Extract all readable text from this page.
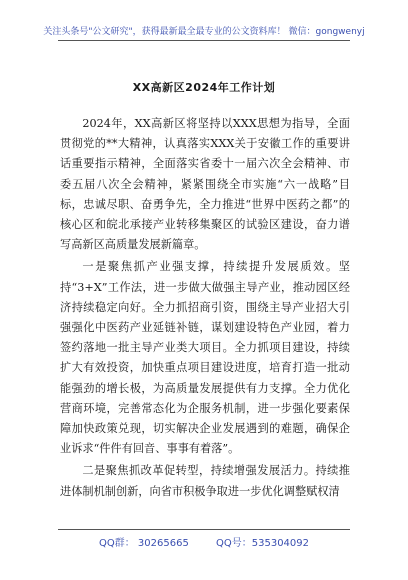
关注头条号"公文研究"，获得最新最全最专业的公文资料库！ 微信：gongwenyj
XX高新区2024年工作计划

2024年，XX高新区将坚持以XXX思想为指导，全面贯彻党的**大精神，认真落实XXX关于安徽工作的重要讲话重要指示精神，全面落实省委十一届六次全会精神、市委五届八次全会精神，紧紧围绕全市实施“六一战略”目标，忠诚尽职、奋勇争先，全力推进“世界中医药之都”的核心区和皖北承接产业转移集聚区的试验区建设，奋力谱写高新区高质量发展新篇章。

一是聚焦抓产业强支撑，持续提升发展质效。坚持“3+X”工作法，进一步做大做强主导产业，推动园区经济持续稳定向好。全力抓招商引资，围绕主导产业招大引强强化中医药产业延链补链，谋划建设特色产业园，着力签约落地一批主导产业类大项目。全力抓项目建设，持续扩大有效投资，加快重点项目建设进度，培育打造一批动能强劲的增长极，为高质量发展提供有力支撑。全力优化营商环境，完善常态化为企服务机制，进一步强化要素保障加快政策兑现，切实解决企业发展遇到的难题，确保企业诉求“件件有回音、事事有着落”。

二是聚焦抓改革促转型，持续增强发展活力。持续推进体制机制创新，向省市积极争取进一步优化调整赋权清

QQ群： 30265665	QQ号：535304092
